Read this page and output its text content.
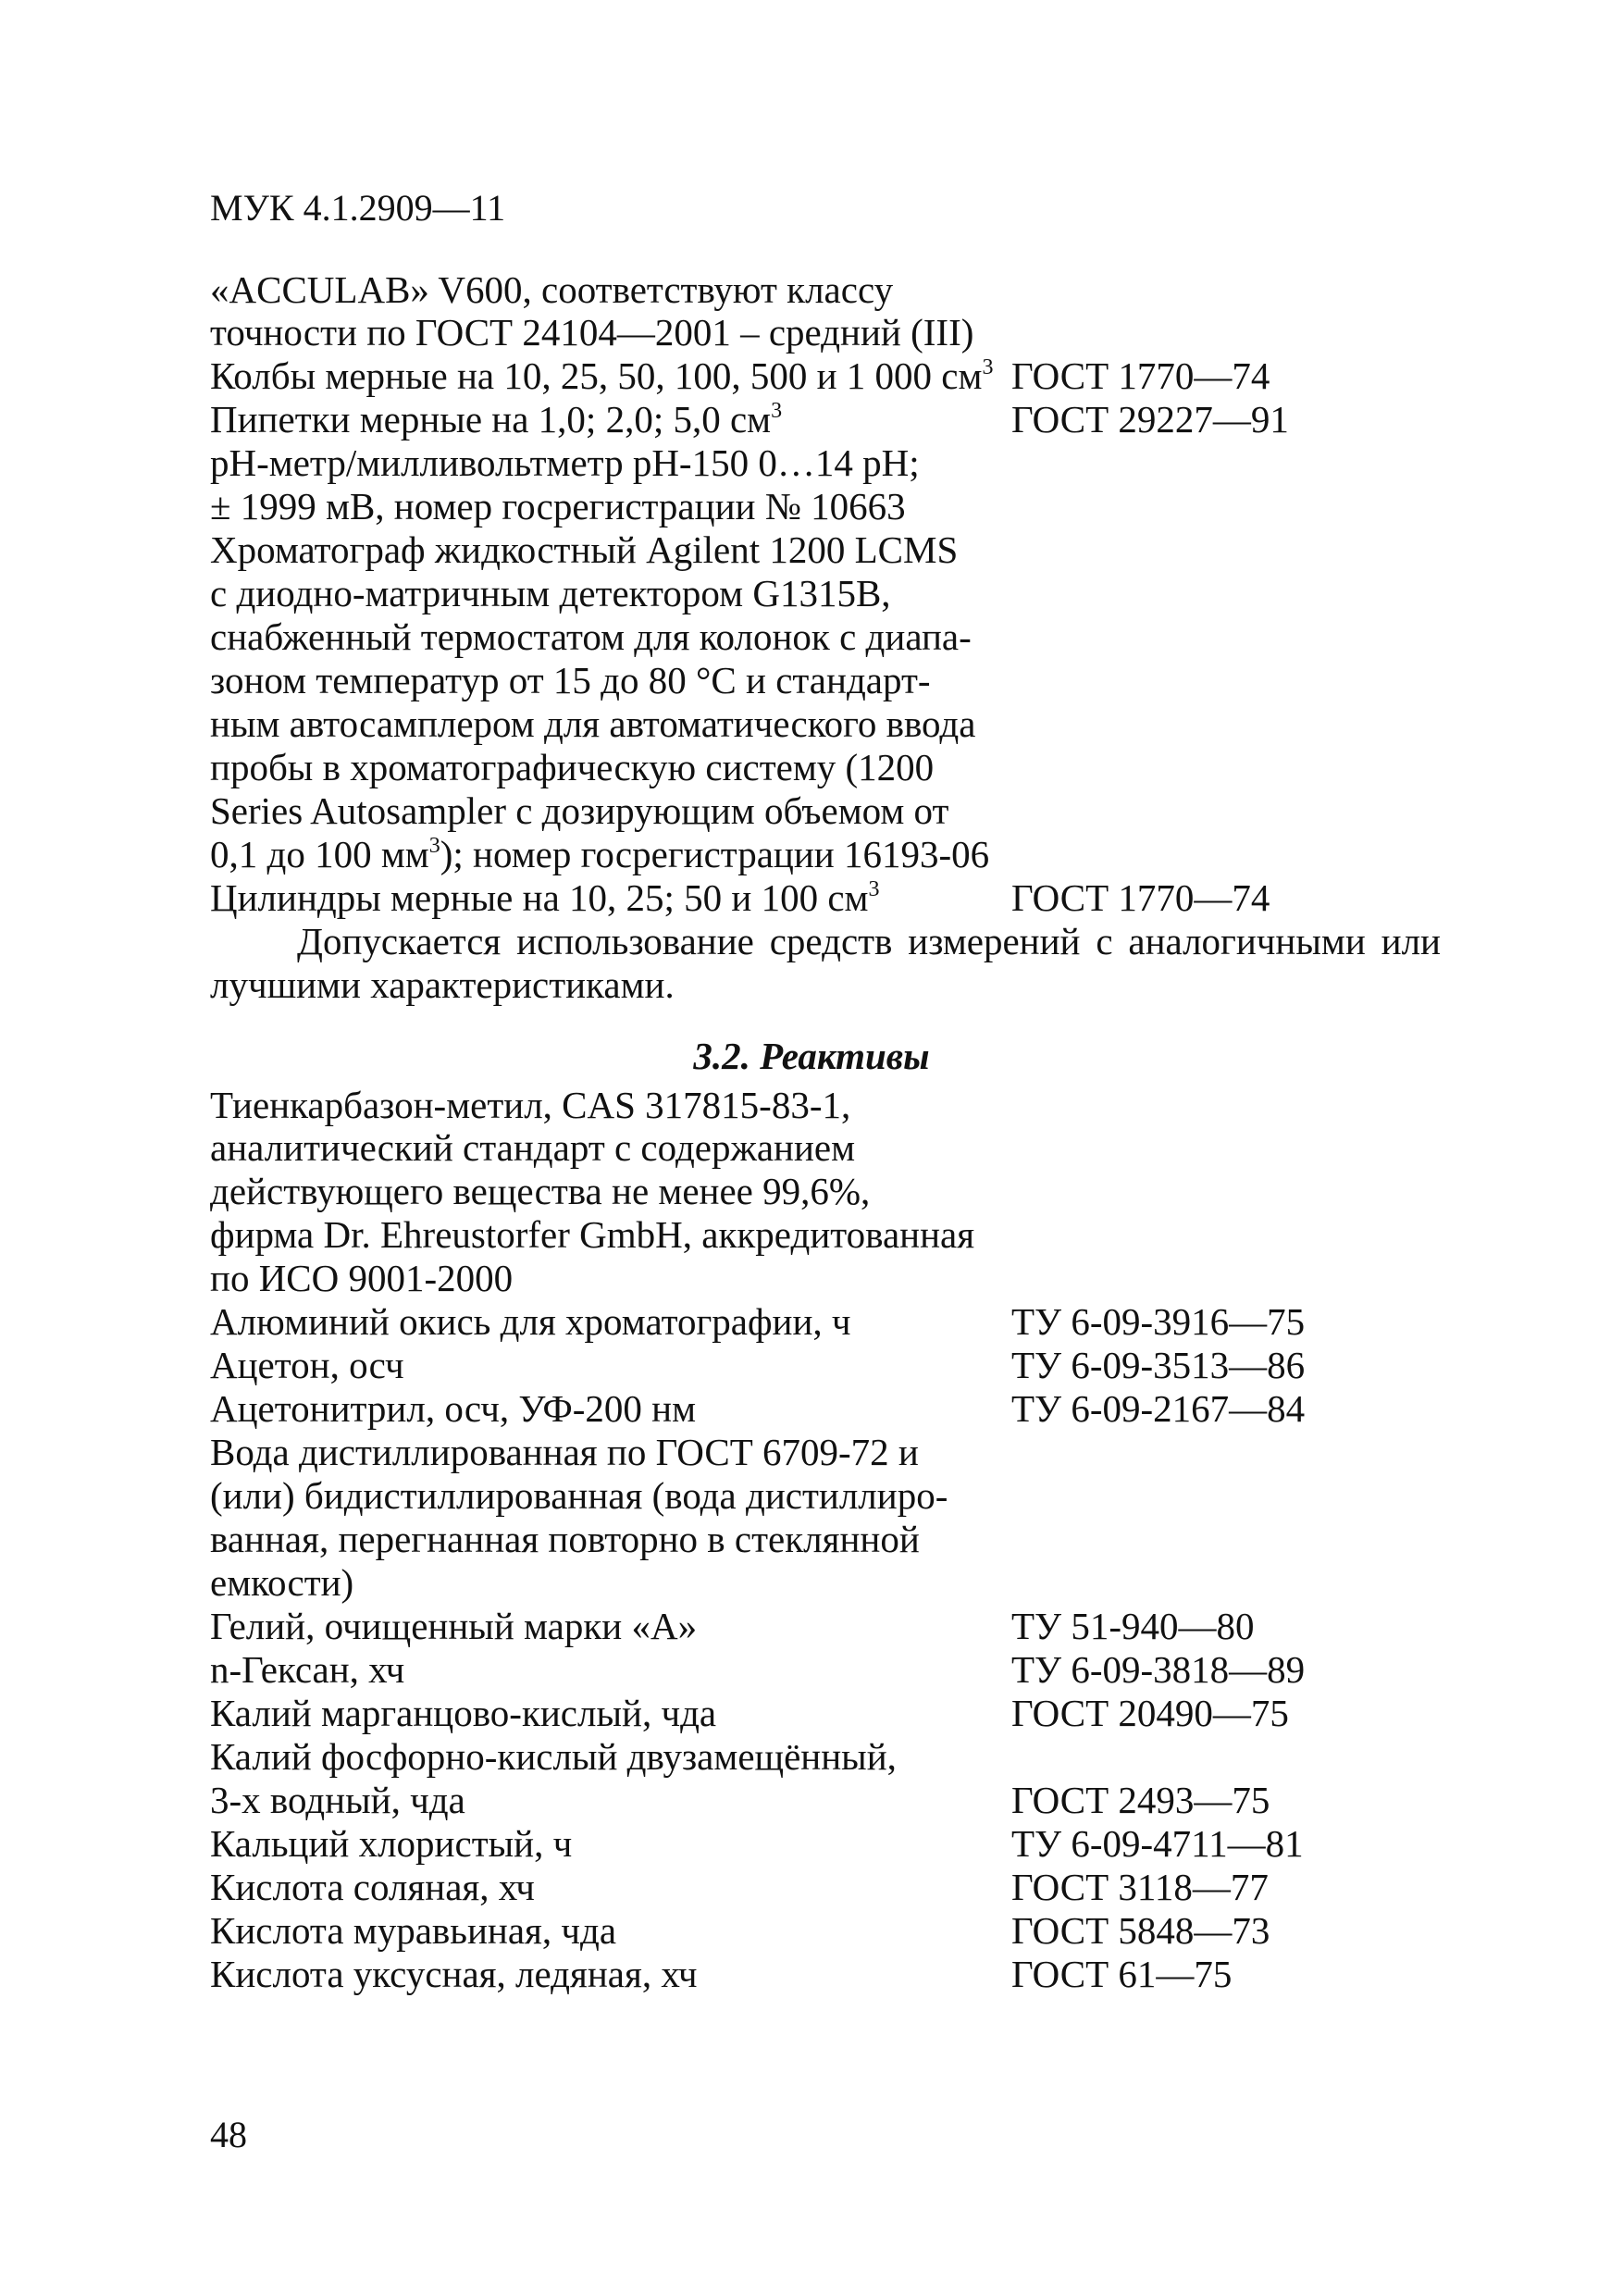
МУК 4.1.2909—11
«ACCULAB» V600, соответствуют классу
точности по ГОСТ 24104—2001 – средний (III)
Колбы мерные на 10, 25, 50, 100, 500 и 1 000 $см^3$ ГОСТ 1770—74
Пипетки мерные на 1,0; 2,0; 5,0 $см^3$	ГОСТ 29227—91
рН-метр/милливольтметр pH-150 0…14 pH;
± 1999 мВ, номер госрегистрации № 10663
Хроматограф жидкостный Agilent 1200 LCMS
с диодно-матричным детектором G1315B,
снабженный термостатом для колонок с диапа-
зоном температур от 15 до 80 °С и стандарт-
ным автосамплером для автоматического ввода
пробы в хроматографическую систему (1200
Series Autosampler с дозирующим объемом от
0,1 до 100 $мм^3$); номер госрегистрации 16193-06
Цилиндры мерные на 10, 25; 50 и 100 $см^3$	ГОСТ 1770—74
Допускается использование средств измерений с аналогичными или лучшими характеристиками.
3.2. Реактивы
Тиенкарбазон-метил, CAS 317815-83-1,
аналитический стандарт с содержанием
действующего вещества не менее 99,6%,
фирма Dr. Ehreustorfer GmbH, аккредитованная
по ИСО 9001-2000
Алюминий окись для хроматографии, ч	ТУ 6-09-3916—75
Ацетон, осч	ТУ 6-09-3513—86
Ацетонитрил, осч, УФ-200 нм	ТУ 6-09-2167—84
Вода дистиллированная по ГОСТ 6709-72 и
(или) бидистиллированная (вода дистиллиро-
ванная, перегнанная повторно в стеклянной
емкости)
Гелий, очищенный марки «А»	ТУ 51-940—80
n-Гексан, хч	ТУ 6-09-3818—89
Калий марганцово-кислый, чда	ГОСТ 20490—75
Калий фосфорно-кислый двузамещённый,
3-х водный, чда	ГОСТ 2493—75
Кальций хлористый, ч	ТУ 6-09-4711—81
Кислота соляная, хч	ГОСТ 3118—77
Кислота муравьиная, чда	ГОСТ 5848—73
Кислота уксусная, ледяная, хч	ГОСТ 61—75
48
